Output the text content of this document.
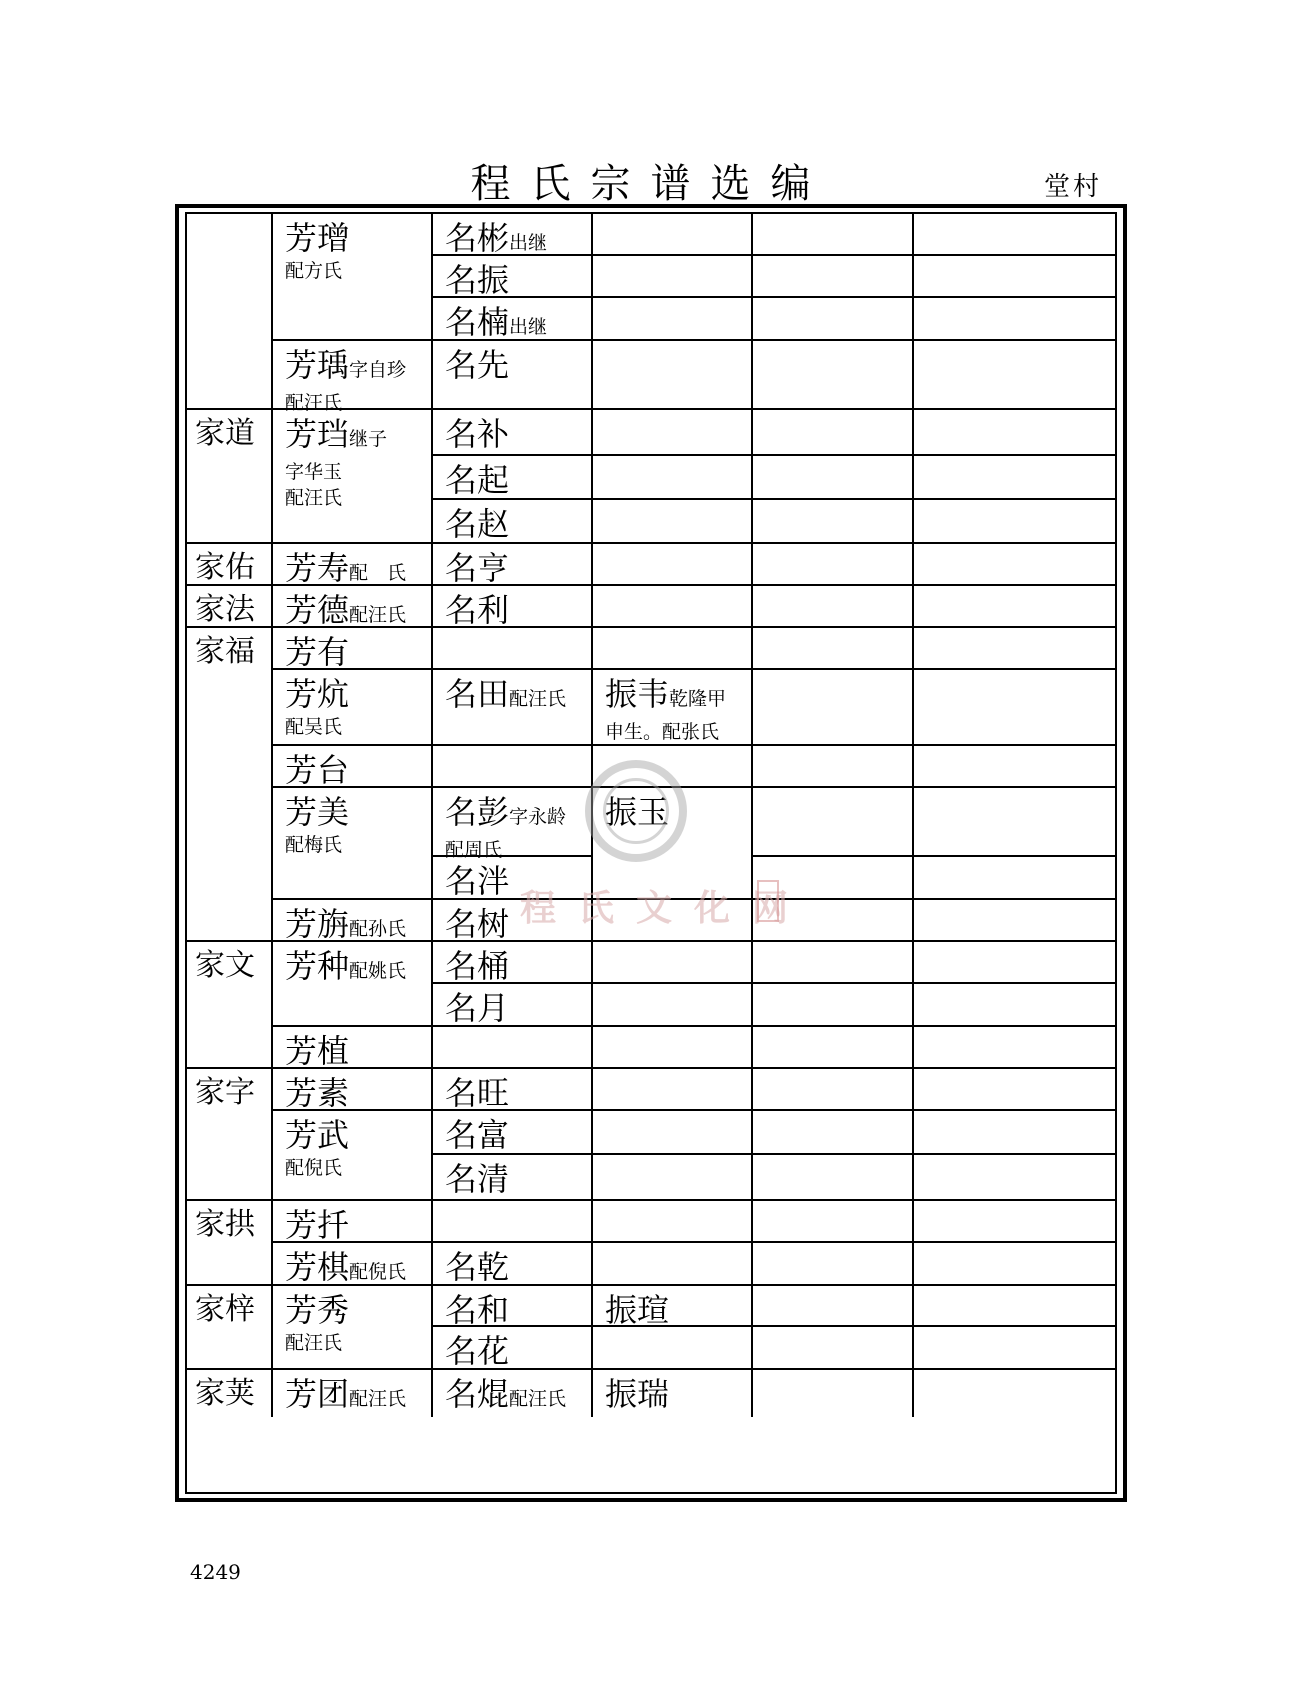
程氏宗谱选编	堂村
家道
家佑
家法
家福
家文
家字
家拱
家梓
家荚
芳璔
配方氏
芳瑀字自珍
配汪氏
芳珰继子
字华玉
配汪氏
芳寿配　氏
芳德配汪氏
芳有
芳炕
配吴氏
芳台
芳美
配梅氏
芳旃配孙氏
芳种配姚氏
芳植
芳素
芳武
配倪氏
芳扦
芳棋配倪氏
芳秀
配汪氏
芳团配汪氏
名彬出继
名振
名楠出继
名先
名补
名起
名赵
名亨
名利
名田配汪氏
名彭字永龄
配周氏
名泮
名树
名桶
名月
名旺
名富
名清
名乾
名和
名花
名焜配汪氏
振韦乾隆甲
申生。配张氏
振玉
振瑄
振瑞
程氏文化网
4249
